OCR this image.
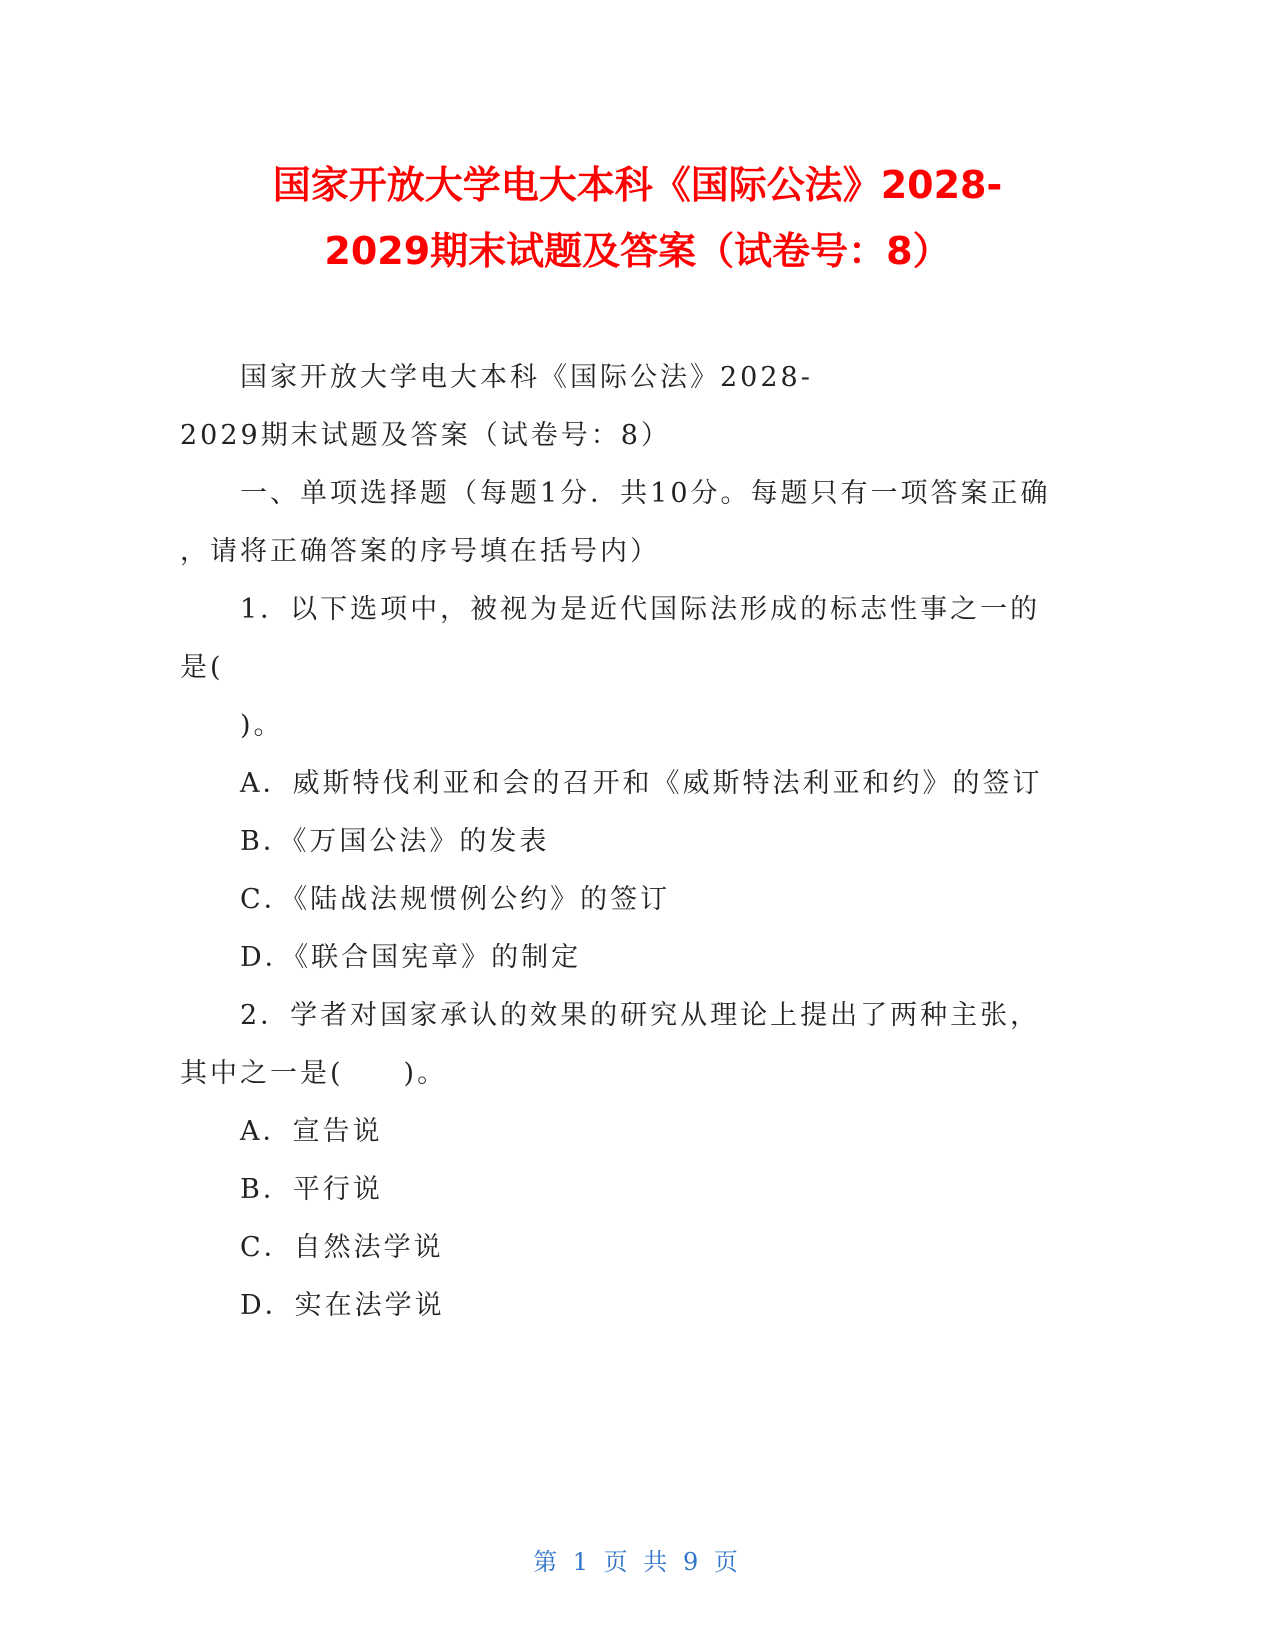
国家开放大学电大本科《国际公法》2028-
2029期末试题及答案（试卷号：8）
国家开放大学电大本科《国际公法》2028-
2029期末试题及答案（试卷号：8）
一、单项选择题（每题1分．共10分。每题只有一项答案正确
，请将正确答案的序号填在括号内）
1．以下选项中，被视为是近代国际法形成的标志性事之一的
是(
)。
A．威斯特伐利亚和会的召开和《威斯特法利亚和约》的签订
B．《万国公法》的发表
C．《陆战法规惯例公约》的签订
D．《联合国宪章》的制定
2．学者对国家承认的效果的研究从理论上提出了两种主张，
其中之一是(　　)。
A．宣告说
B．平行说
C．自然法学说
D．实在法学说
第 1 页 共 9 页
